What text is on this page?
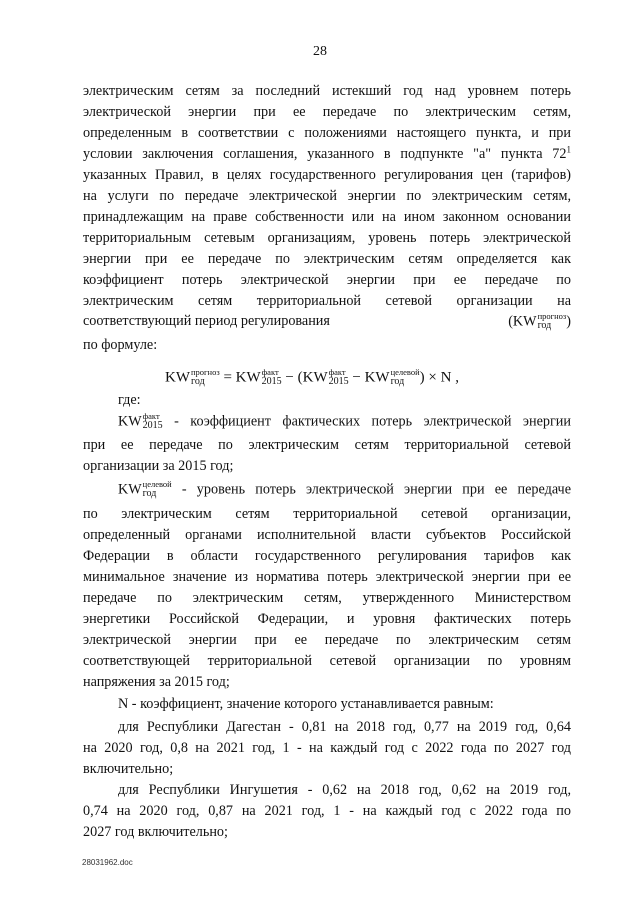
28
электрическим сетям за последний истекший год над уровнем потерь
электрической энергии при ее передаче по электрическим сетям,
определенным в соответствии с положениями настоящего пункта, и при
условии заключения соглашения, указанного в подпункте "а" пункта $72^1$
указанных Правил, в целях государственного регулирования цен (тарифов)
на услуги по передаче электрической энергии по электрическим сетям,
принадлежащим на праве собственности или на ином законном основании
территориальным сетевым организациям, уровень потерь электрической
энергии при ее передаче по электрическим сетям определяется как
коэффициент потерь электрической энергии при ее передаче по
электрическим сетям территориальной сетевой организации на
соответствующий период регулирования	(KW прогноз
год	)
по формуле:
где:
KW факт
2015 - коэффициент фактических потерь электрической энергии
при ее передаче по электрическим сетям территориальной сетевой
организации за 2015 год;
KW целевой
год	- уровень потерь электрической энергии при ее передаче
по электрическим сетям территориальной сетевой организации,
определенный органами исполнительной власти субъектов Российской
Федерации в области государственного регулирования тарифов как
минимальное значение из норматива потерь электрической энергии при ее
передаче по электрическим сетям, утвержденного Министерством
энергетики Российской Федерации, и уровня фактических потерь
электрической энергии при ее передаче по электрическим сетям
соответствующей территориальной сетевой организации по уровням
напряжения за 2015 год;
N - коэффициент, значение которого устанавливается равным:
для Республики Дагестан - 0,81 на 2018 год, 0,77 на 2019 год, 0,64
на 2020 год, 0,8 на 2021 год, 1 - на каждый год с 2022 года по 2027 год
включительно;
для Республики Ингушетия - 0,62 на 2018 год, 0,62 на 2019 год,
0,74 на 2020 год, 0,87 на 2021 год, 1 - на каждый год с 2022 года по
2027 год включительно;
KW прогноз
год	= KW факт
2015 − (KW факт
2015 − KW целевой
год	) × N ,
28031962.doc
